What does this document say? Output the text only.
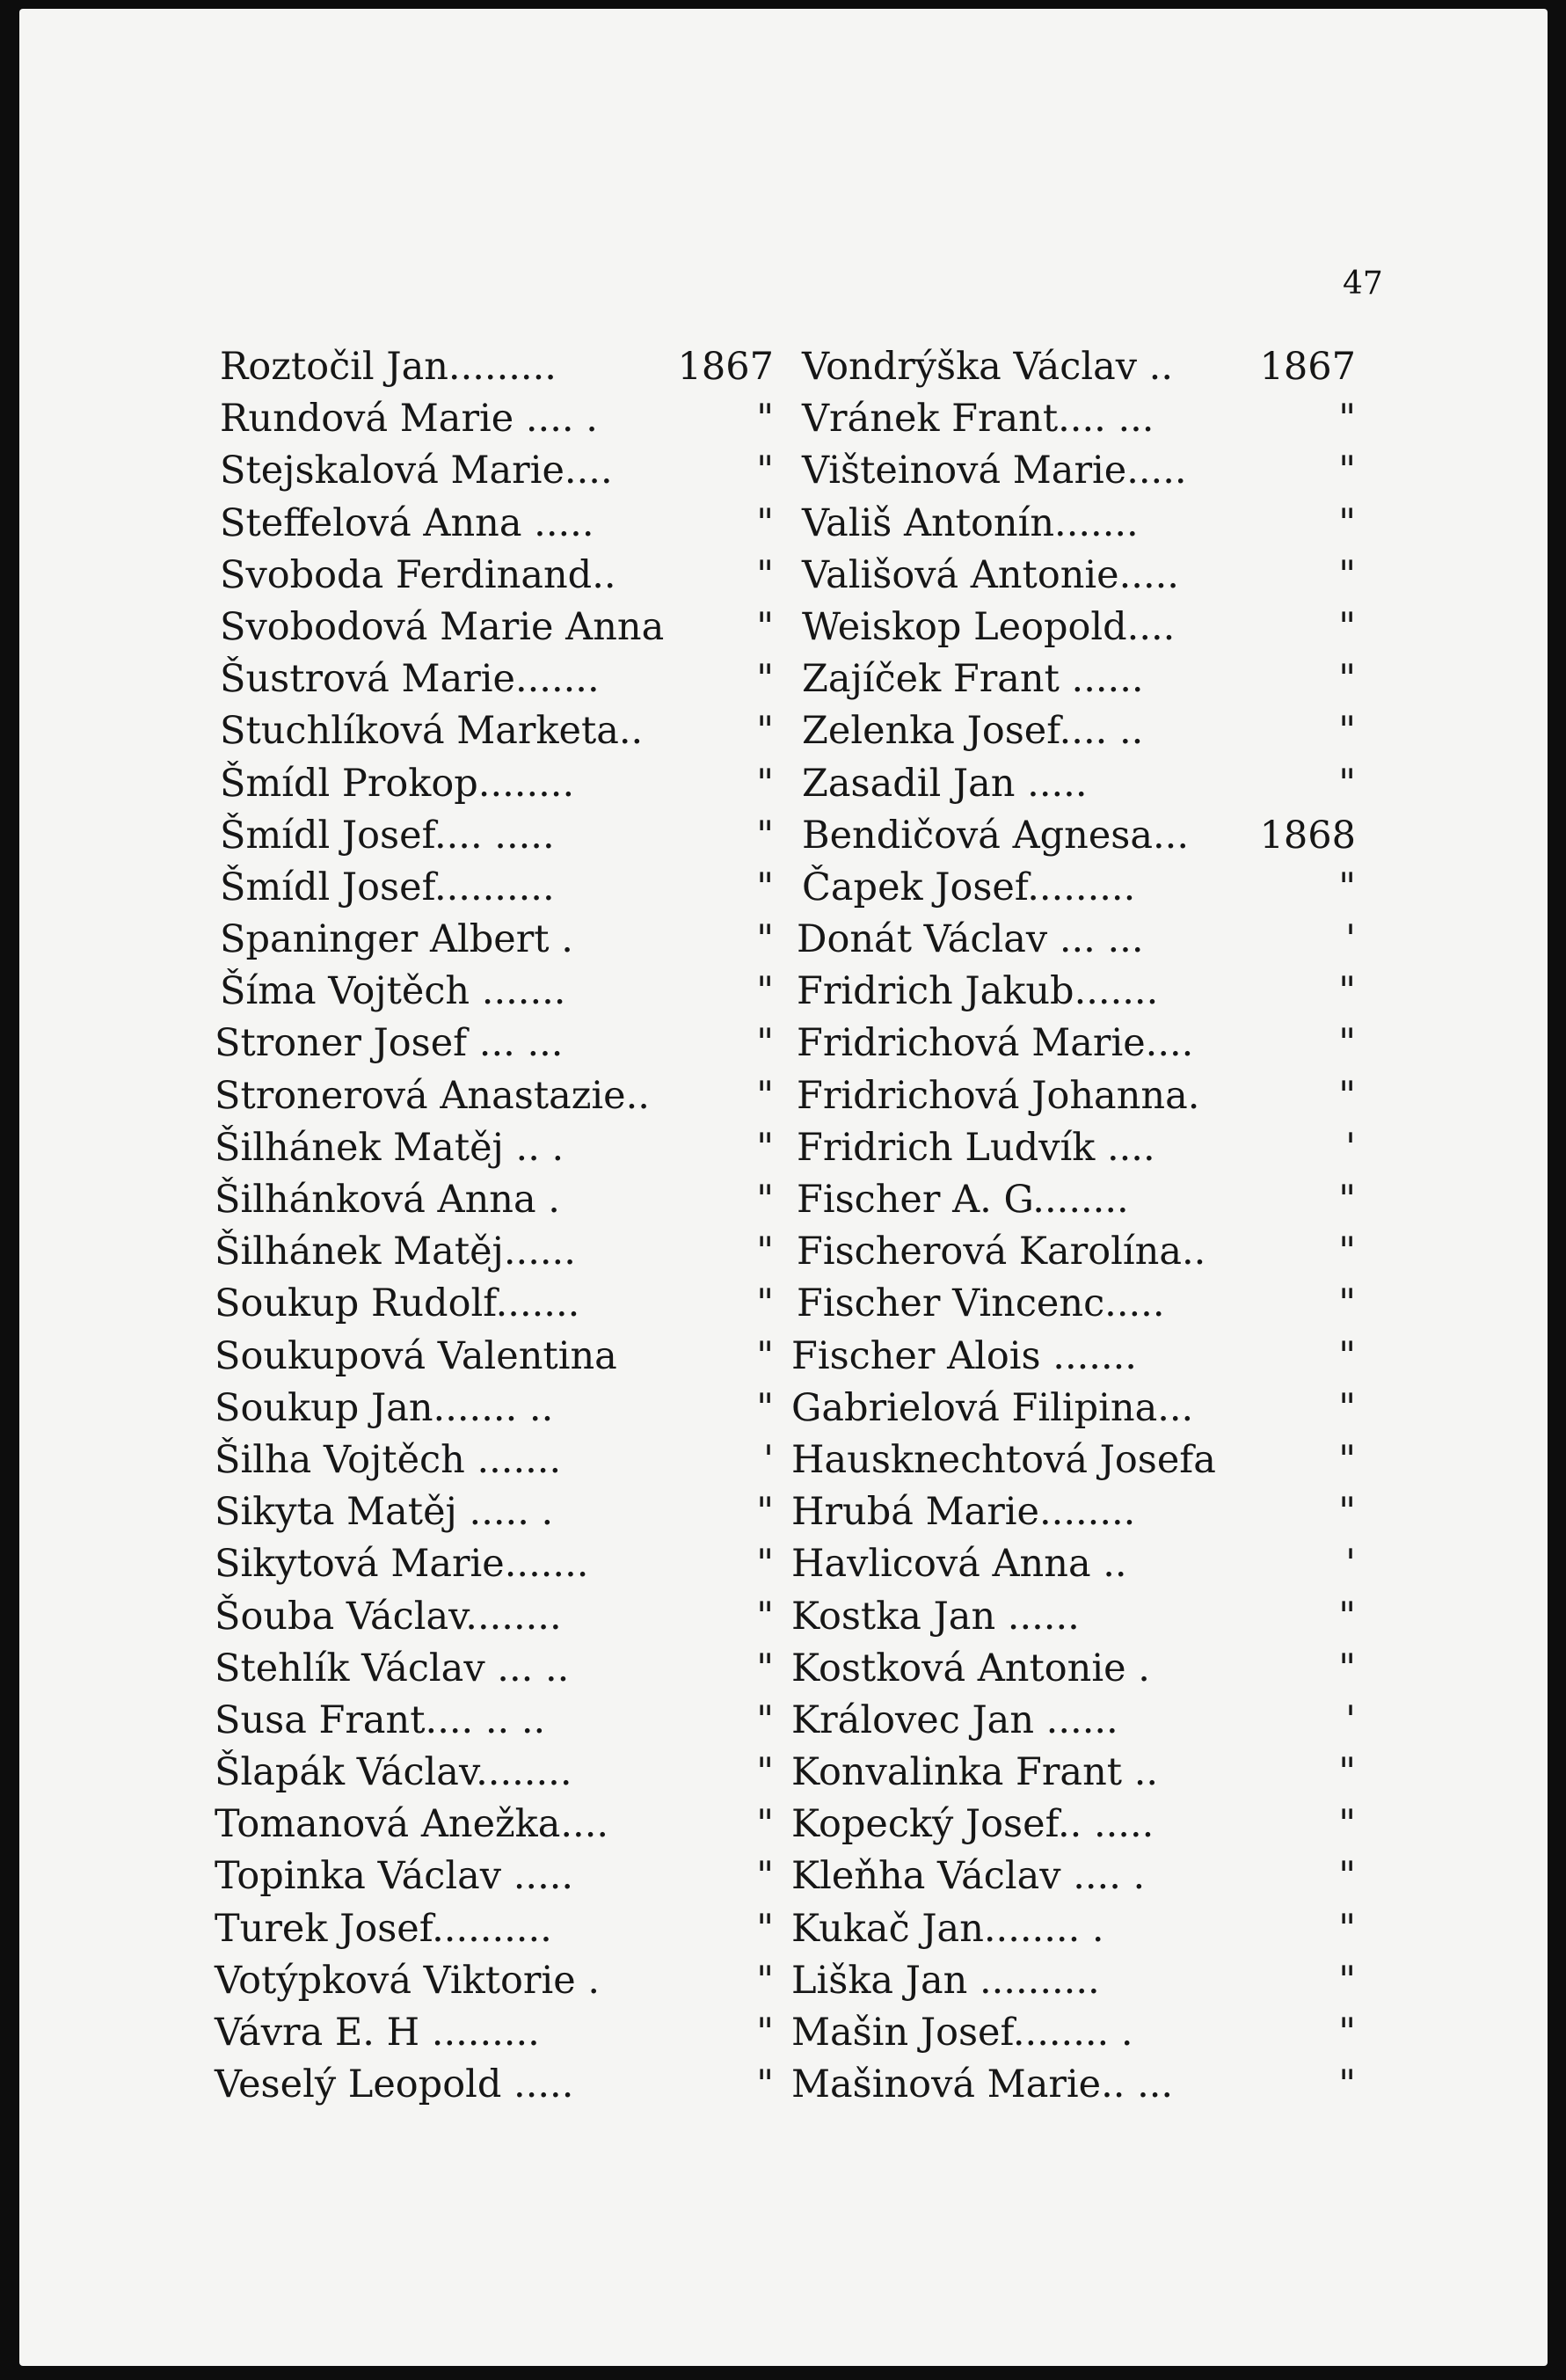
47
Roztočil Jan.........	1867
Rundová Marie .... .	"
Stejskalová Marie....	"
Steffelová Anna .....	"
Svoboda Ferdinand..	"
Svobodová Marie Anna "
Šustrová Marie.......	"
Stuchlíková Marketa..	"
Šmídl Prokop........	"
Šmídl Josef.... .....	"
Šmídl Josef..........	"
Spaninger Albert .	"
Šíma Vojtěch .......	"
Stroner Josef ... ...	"
Stronerová Anastazie..	"
Šilhánek Matěj .. .	"
Šilhánková Anna .	"
Šilhánek Matěj......	"
Soukup Rudolf.......	"
Soukupová Valentina	"
Soukup Jan....... ..	"
Šilha Vojtěch .......	'
Sikyta Matěj ..... .	"
Sikytová Marie.......	"
Šouba Václav........	"
Stehlík Václav ... ..	"
Susa Frant.... .. ..	"
Šlapák Václav........	"
Tomanová Anežka....	"
Topinka Václav .....	"
Turek Josef..........	"
Votýpková Viktorie .	"
Vávra E. H .........	"
Veselý Leopold .....	"
Vondrýška Václav .. 1867
Vránek Frant.... ...	"
Višteinová Marie.....	"
Vališ Antonín.......	"
Vališová Antonie.....	"
Weiskop Leopold....	"
Zajíček Frant ......	"
Zelenka Josef.... ..	"
Zasadil Jan .....	"
Bendičová Agnesa... 1868
Čapek Josef.........	"
Donát Václav ... ...	'
Fridrich Jakub.......	"
Fridrichová Marie....	"
Fridrichová Johanna.	"
Fridrich Ludvík ....	'
Fischer A. G........	"
Fischerová Karolína..	"
Fischer Vincenc.....	"
Fischer Alois .......	"
Gabrielová Filipina...	"
Hausknechtová Josefa	"
Hrubá Marie........	"
Havlicová Anna ..	'
Kostka Jan ......	"
Kostková Antonie .	"
Královec Jan ......	'
Konvalinka Frant ..	"
Kopecký Josef.. .....	"
Kleňha Václav .... .	"
Kukač Jan........ .	"
Liška Jan ..........	"
Mašin Josef........ .	"
Mašinová Marie.. ...	"
